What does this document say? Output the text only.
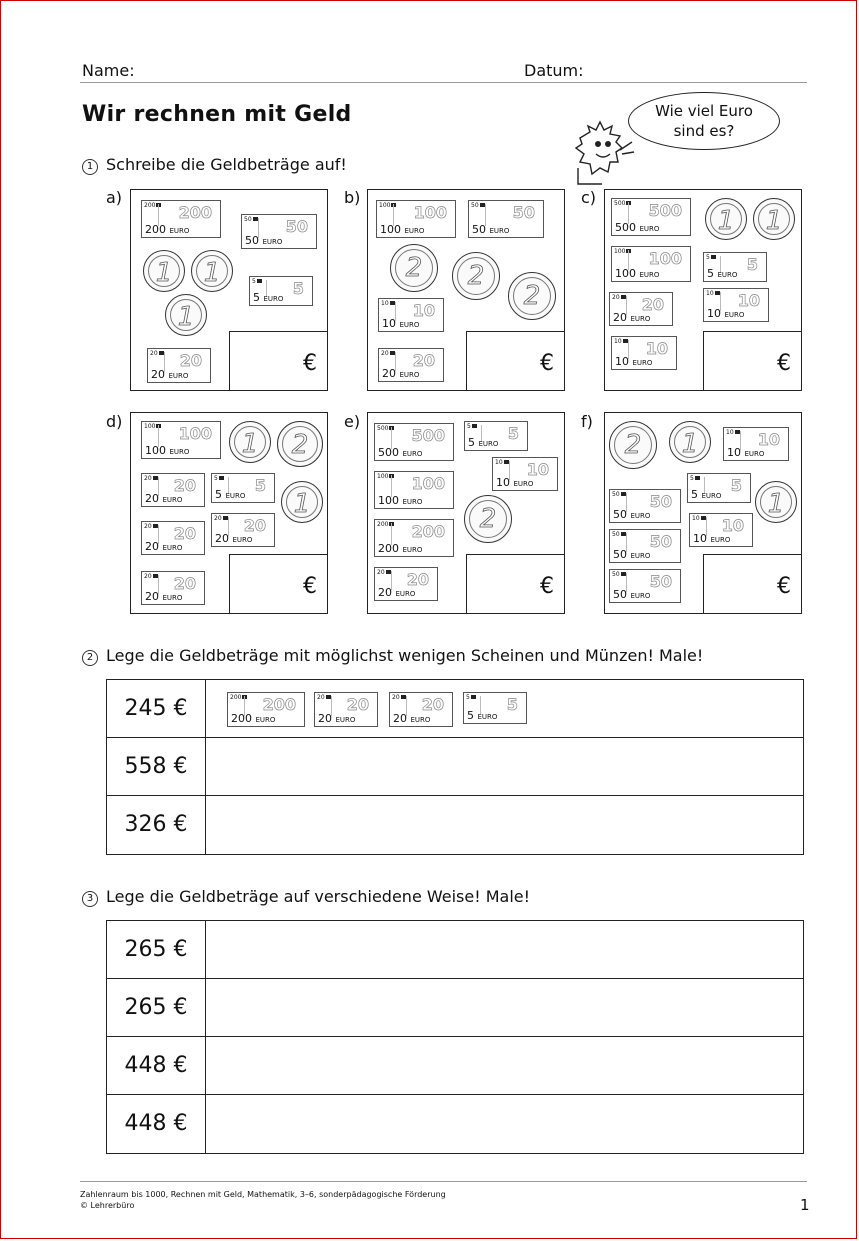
Name:	Datum:
Wir rechnen mit Geld	Wie viel Euro
sind es?
1 Schreibe die Geldbeträge auf!
a)	b)	c)
d)	e)	f)
200	200
200 EURO
50	50
50 EURO
1	1	5	5
5 EURO
1
20	20
20 EURO	€
100	100
100 EURO
50	50
50 EURO
2	2
2
10	10
10 EURO
20	20
20 EURO	€
500	500
500 EURO	1	1
100	100
100 EURO
5	5
5 EURO
20	20
20 EURO
10	10
10 EURO
10	10
10 EURO	€
100	100
100 EURO	1	2
20	20
20 EURO
5	5
5 EURO	1
20	20
20 EURO
20	20
20 EURO
20	20
20 EURO	€
500	500
500 EURO
5	5
5 EURO
10	10
10 EURO
100	100
100 EURO
2
200	200
200 EURO
20	20
20 EURO	€
2	1	10	10
10 EURO
5	5
5 EURO	1
50	50
50 EURO	10	10
10 EURO
50	50
50 EURO
50	50
50 EURO	€
2 Lege die Geldbeträge mit möglichst wenigen Scheinen und Münzen! Male!
245 €	200	200
200 EURO
20	20
20 EURO
20	20
20 EURO
5	5
5 EURO
558 €
326 €
3 Lege die Geldbeträge auf verschiedene Weise! Male!
265 €
265 €
448 €
448 €
Zahlenraum bis 1000, Rechnen mit Geld, Mathematik, 3–6, sonderpädagogische Förderung
© Lehrerbüro	1
